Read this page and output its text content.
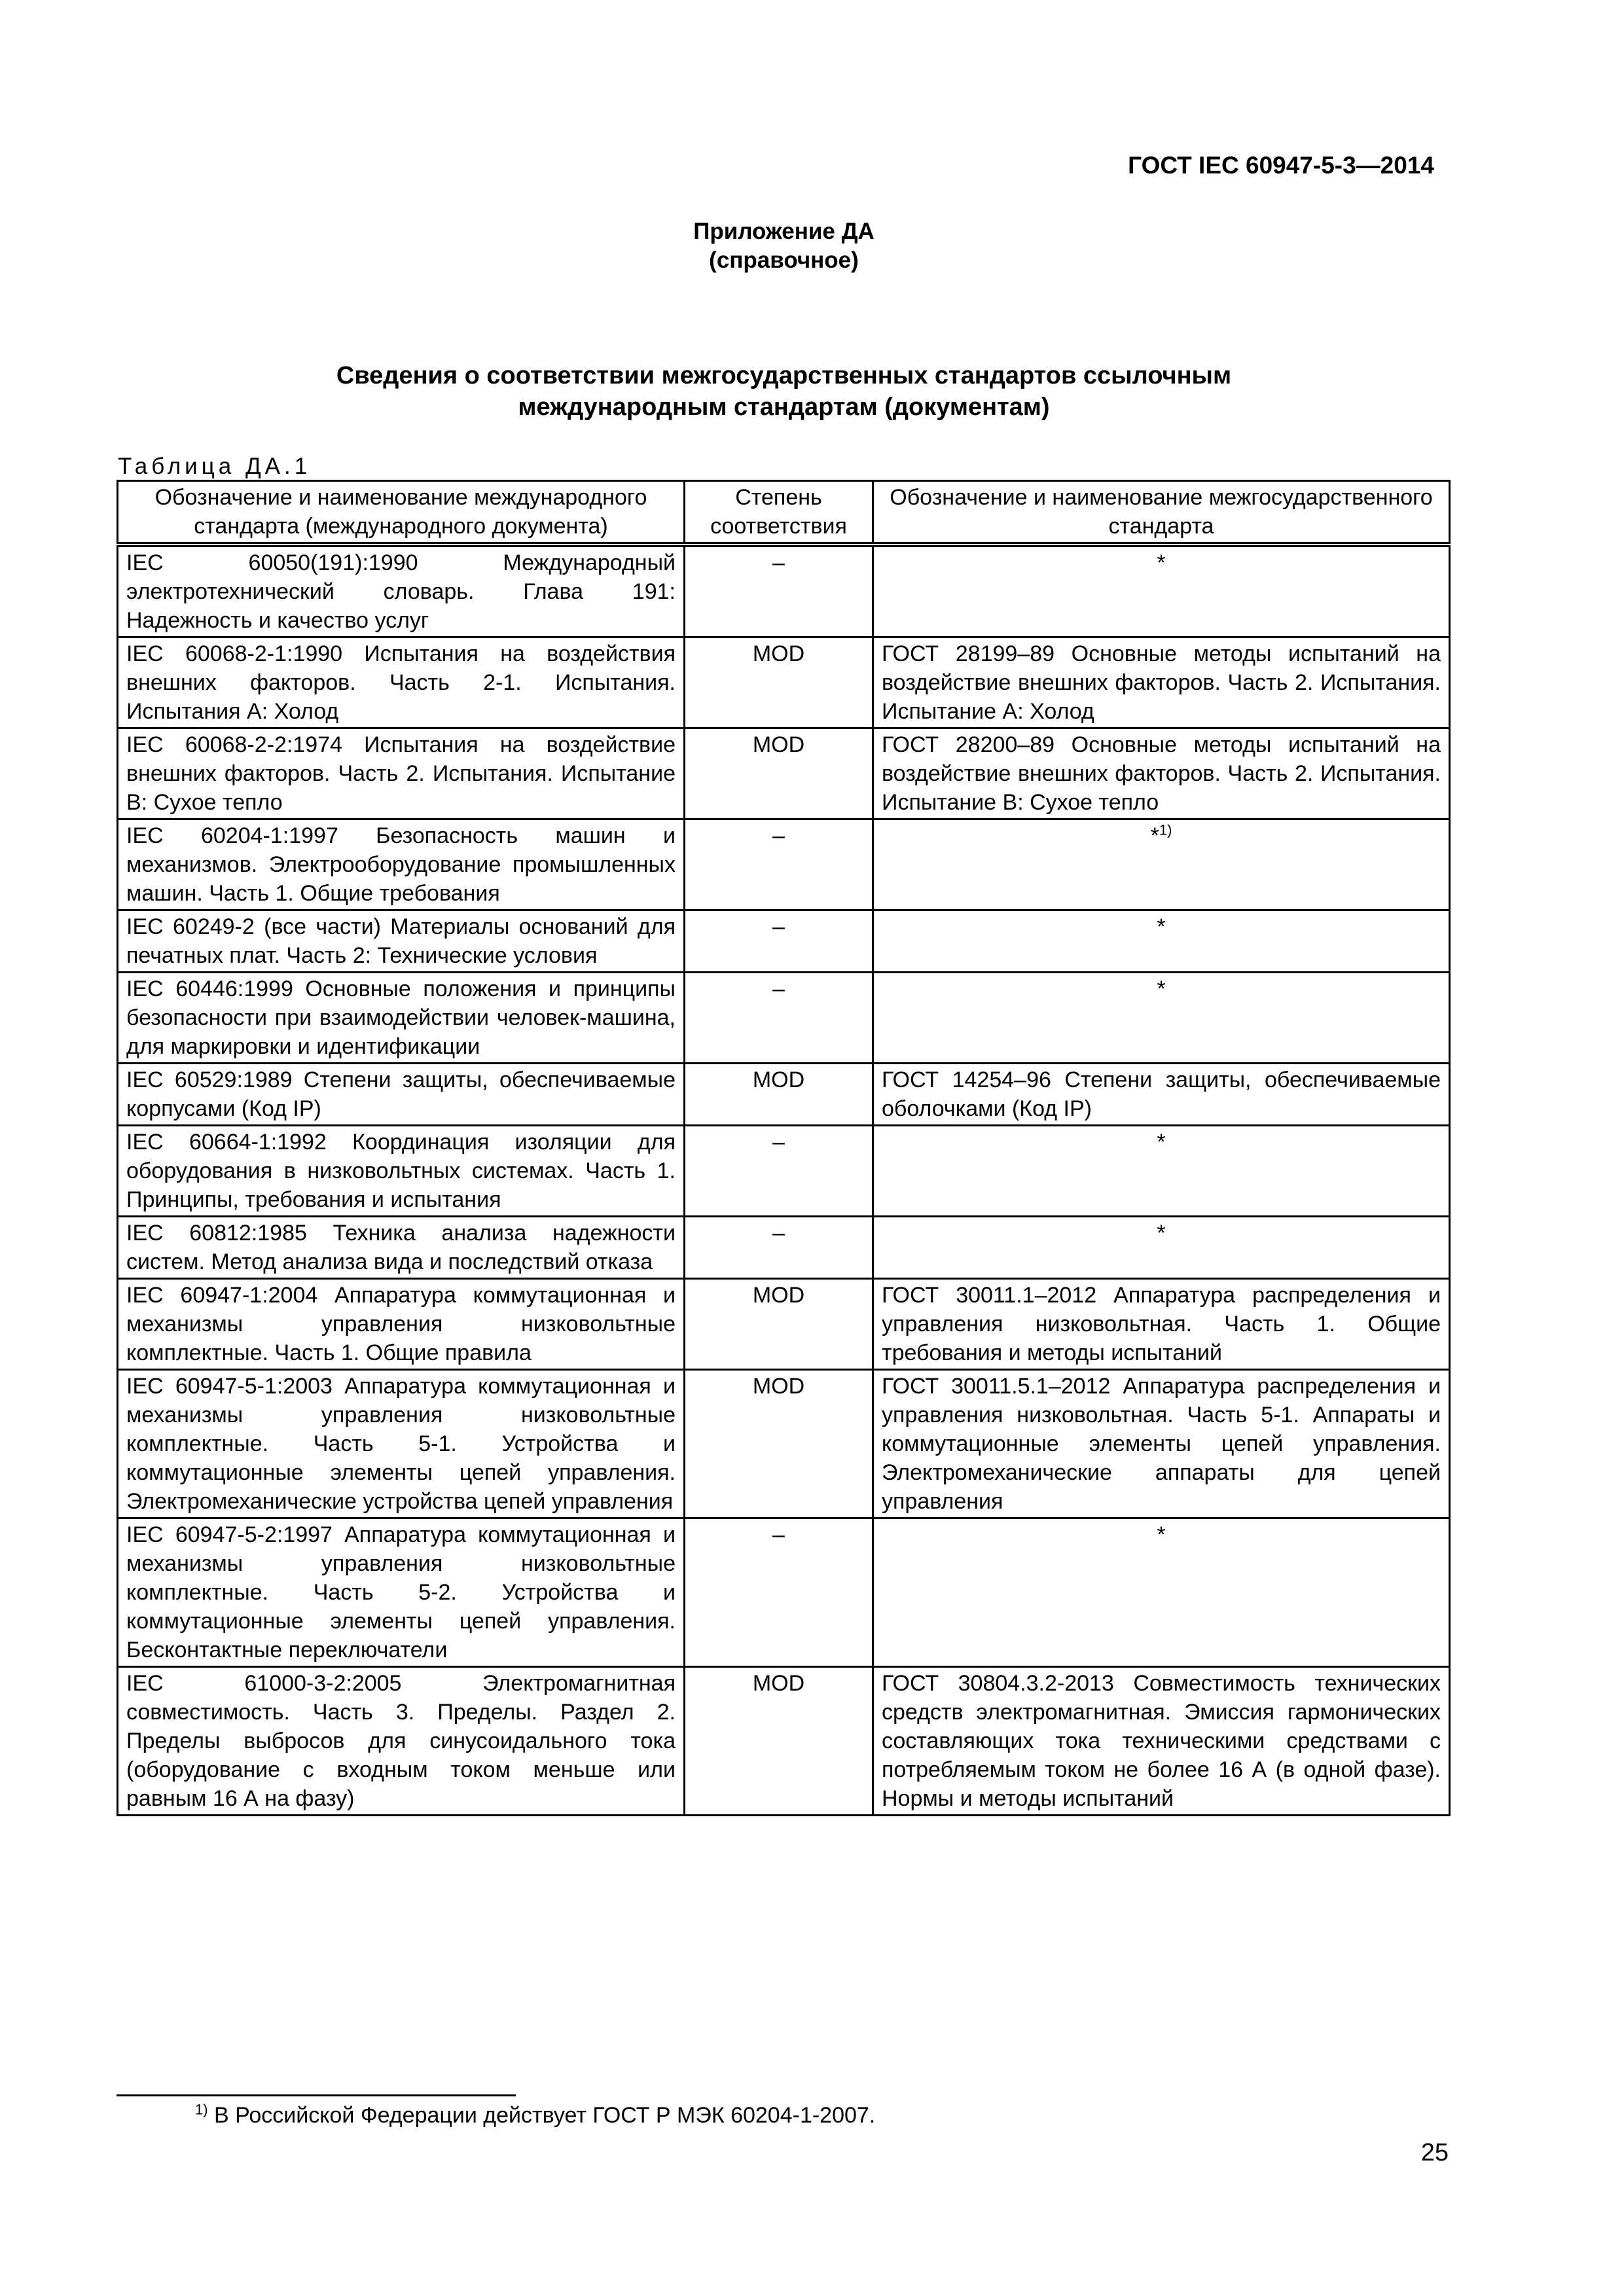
ГОСТ IEC 60947-5-3—2014
Приложение ДА
(справочное)
Сведения о соответствии межгосударственных стандартов ссылочным
международным стандартам (документам)
Таблица ДА.1
Обозначение и наименование международного стандарта (международного документа)	Степень соответствия	Обозначение и наименование межгосударственного стандарта
IEC 60050(191):1990 Международный электротехнический словарь. Глава 191: Надежность и качество услуг	–	*
IEC 60068-2-1:1990 Испытания на воздействия внешних факторов. Часть 2-1. Испытания. Испытания А: Холод	MOD	ГОСТ 28199–89 Основные методы испытаний на воздействие внешних факторов. Часть 2. Испытания. Испытание А: Холод
IEC 60068-2-2:1974 Испытания на воздействие внешних факторов. Часть 2. Испытания. Испытание В: Сухое тепло	MOD	ГОСТ 28200–89 Основные методы испытаний на воздействие внешних факторов. Часть 2. Испытания. Испытание В: Сухое тепло
IEC 60204-1:1997 Безопасность машин и механизмов. Электрооборудование промышленных машин. Часть 1. Общие требования	–	*$^{1)}$
IEC 60249-2 (все части) Материалы оснований для печатных плат. Часть 2: Технические условия	–	*
IEC 60446:1999 Основные положения и принципы безопасности при взаимодействии человек-машина, для маркировки и идентификации	–	*
IEC 60529:1989 Степени защиты, обеспечиваемые корпусами (Код IP)	MOD	ГОСТ 14254–96 Степени защиты, обеспечиваемые оболочками (Код IP)
IEC 60664-1:1992 Координация изоляции для оборудования в низковольтных системах. Часть 1. Принципы, требования и испытания	–	*
IEC 60812:1985 Техника анализа надежности систем. Метод анализа вида и последствий отказа	–	*
IEC 60947-1:2004 Аппаратура коммутационная и механизмы управления низковольтные комплектные. Часть 1. Общие правила	MOD	ГОСТ 30011.1–2012 Аппаратура распределения и управления низковольтная. Часть 1. Общие требования и методы испытаний
IEC 60947-5-1:2003 Аппаратура коммутационная и механизмы управления низковольтные комплектные. Часть 5-1. Устройства и коммутационные элементы цепей управления. Электромеханические устройства цепей управления	MOD	ГОСТ 30011.5.1–2012 Аппаратура распределения и управления низковольтная. Часть 5-1. Аппараты и коммутационные элементы цепей управления. Электромеханические аппараты для цепей управления
IEC 60947-5-2:1997 Аппаратура коммутационная и механизмы управления низковольтные комплектные. Часть 5-2. Устройства и коммутационные элементы цепей управления. Бесконтактные переключатели	–	*
IEC 61000-3-2:2005 Электромагнитная совместимость. Часть 3. Пределы. Раздел 2. Пределы выбросов для синусоидального тока (оборудование с входным током меньше или равным 16 А на фазу)	MOD	ГОСТ 30804.3.2-2013 Совместимость технических средств электромагнитная. Эмиссия гармонических составляющих тока техническими средствами с потребляемым током не более 16 А (в одной фазе). Нормы и методы испытаний
$^{1)}$ В Российской Федерации действует ГОСТ Р МЭК 60204-1-2007.
25
